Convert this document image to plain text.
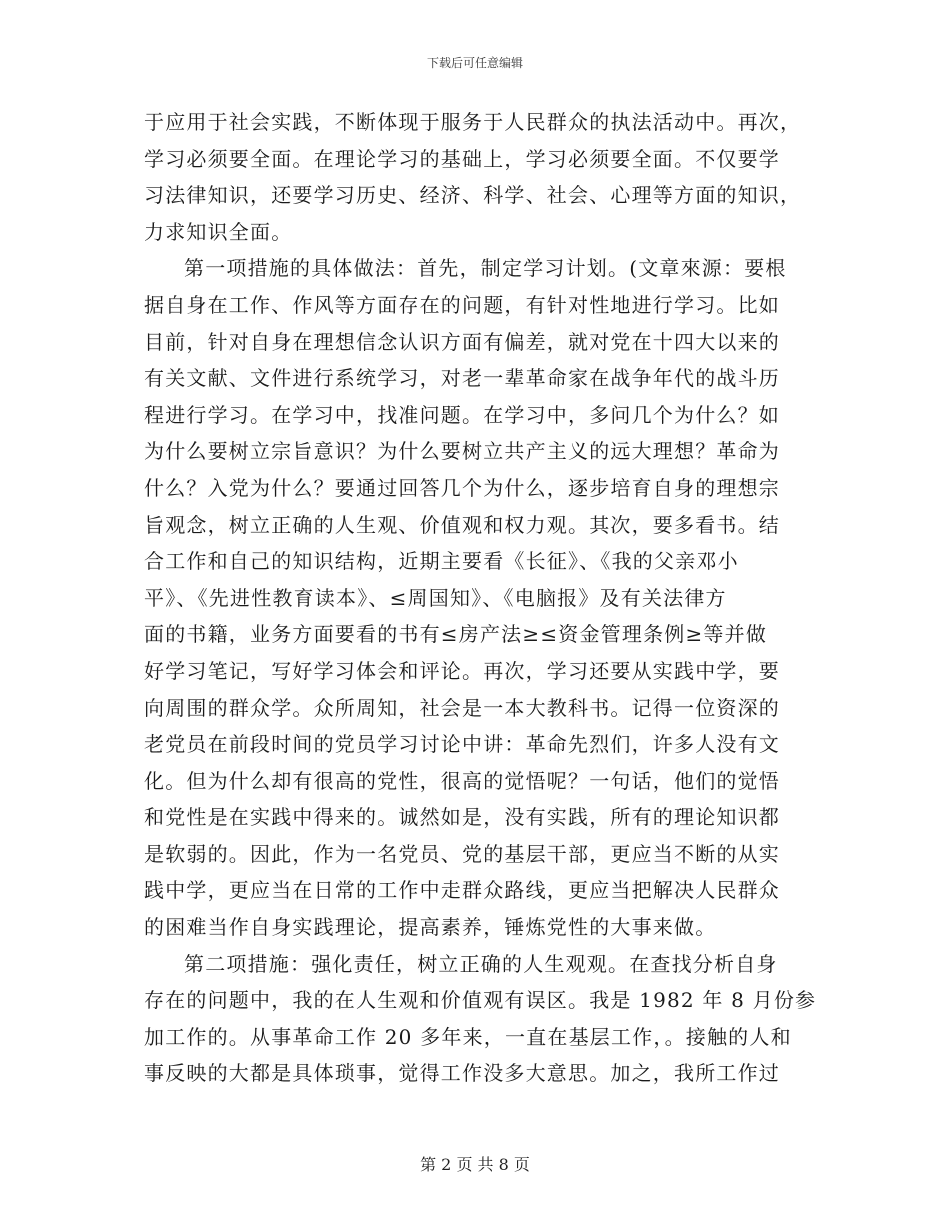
下载后可任意编辑
于应用于社会实践，不断体现于服务于人民群众的执法活动中。再次，
学习必须要全面。在理论学习的基础上，学习必须要全面。不仅要学
习法律知识，还要学习历史、经济、科学、社会、心理等方面的知识，
力求知识全面。
第一项措施的具体做法：首先，制定学习计划。(文章來源：要根
据自身在工作、作风等方面存在的问题，有针对性地进行学习。比如
目前，针对自身在理想信念认识方面有偏差，就对党在十四大以来的
有关文献、文件进行系统学习，对老一辈革命家在战争年代的战斗历
程进行学习。在学习中，找准问题。在学习中，多问几个为什么？如
为什么要树立宗旨意识？为什么要树立共产主义的远大理想？革命为
什么？入党为什么？要通过回答几个为什么，逐步培育自身的理想宗
旨观念，树立正确的人生观、价值观和权力观。其次，要多看书。结
合工作和自己的知识结构，近期主要看《长征》、《我的父亲邓小
平》、《先进性教育读本》、≤周国知》、《电脑报》及有关法律方
面的书籍，业务方面要看的书有≤房产法≥≤资金管理条例≥等并做
好学习笔记，写好学习体会和评论。再次，学习还要从实践中学，要
向周围的群众学。众所周知，社会是一本大教科书。记得一位资深的
老党员在前段时间的党员学习讨论中讲：革命先烈们，许多人没有文
化。但为什么却有很高的党性，很高的觉悟呢？一句话，他们的觉悟
和党性是在实践中得来的。诚然如是，没有实践，所有的理论知识都
是软弱的。因此，作为一名党员、党的基层干部，更应当不断的从实
践中学，更应当在日常的工作中走群众路线，更应当把解决人民群众
的困难当作自身实践理论，提高素养，锤炼党性的大事来做。
第二项措施：强化责任，树立正确的人生观观。在查找分析自身
存在的问题中，我的在人生观和价值观有误区。我是 1982 年 8 月份参
加工作的。从事革命工作 20 多年来，一直在基层工作，。接触的人和
事反映的大都是具体琐事，觉得工作没多大意思。加之，我所工作过
第 2 页 共 8 页
